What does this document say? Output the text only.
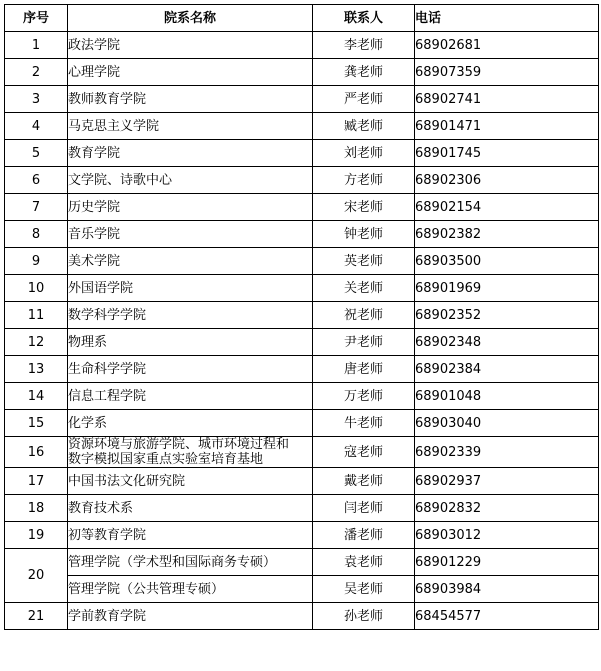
序号	院系名称	联系人	电话
1	政法学院	李老师	68902681
2	心理学院	龚老师	68907359
3	教师教育学院	严老师	68902741
4	马克思主义学院	臧老师	68901471
5	教育学院	刘老师	68901745
6	文学院、诗歌中心	方老师	68902306
7	历史学院	宋老师	68902154
8	音乐学院	钟老师	68902382
9	美术学院	英老师	68903500
10	外国语学院	关老师	68901969
11	数学科学学院	祝老师	68902352
12	物理系	尹老师	68902348
13	生命科学学院	唐老师	68902384
14	信息工程学院	万老师	68901048
15	化学系	牛老师	68903040
16	资源环境与旅游学院、城市环境过程和
数字模拟国家重点实验室培育基地	寇老师	68902339
17	中国书法文化研究院	戴老师	68902937
18	教育技术系	闫老师	68902832
19	初等教育学院	潘老师	68903012
20	管理学院（学术型和国际商务专硕）	袁老师	68901229
	管理学院（公共管理专硕）	吴老师	68903984
21	学前教育学院	孙老师	68454577
